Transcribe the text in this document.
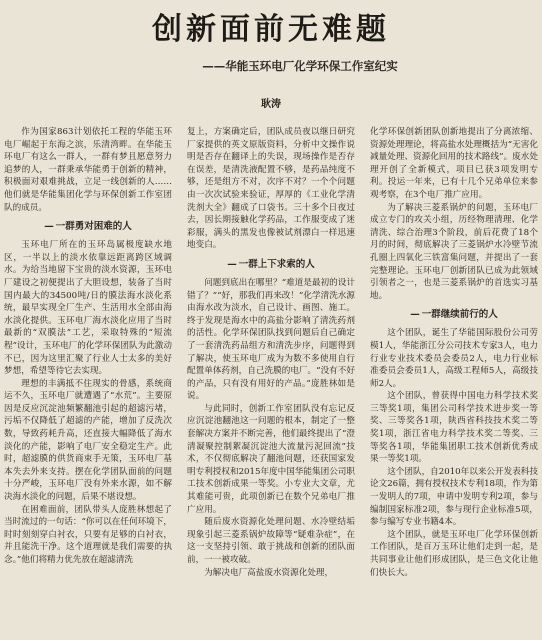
创新面前无难题
——华能玉环电厂化学环保工作室纪实
耿涛

作为国家863计划依托工程的华能玉环电厂崛起于东海之滨，乐清湾畔。在华能玉环电厂有这么一群人，一群有梦且愿意努力追梦的人，一群秉承华能勇于创新的精神，积极面对艰难挑战，立足一线创新的人……他们就是华能集团化学与环保创新工作室团队的成员。

— 一群勇对困难的人

玉环电厂所在的玉环岛属极度缺水地区，一半以上的淡水依靠远距离跨区域调水。为给当地留下宝贵的淡水资源，玉环电厂建设之初便提出了大胆设想，装备了当时国内最大的34500吨/日的膜法海水淡化系统，最早实现全厂生产、生活用水全部由海水淡化提供。玉环电厂海水淡化应用了当时最新的“双膜法”工艺，采取特殊的“短流程”设计，玉环电厂的化学环保团队为此激动不已，因为这里汇聚了行业人士太多的美好梦想，希望等待它去实现。

理想的丰满抵不住现实的骨感，系统商运不久，玉环电厂就遭遇了“水荒”。主要原因是反应沉淀池频繁翻池引起的超滤污堵，污垢不仅降低了超滤的产能，增加了反洗次数，导致药耗升高，还直接大幅降低了海水淡化的产能，影响了电厂安全稳定生产。此时，超滤膜的供货商束手无策，玉环电厂基本失去外来支持。摆在化学团队面前的问题十分严峻，玉环电厂没有外来水源，如不解决海水淡化的问题，后果不堪设想。

在困难面前，团队带头人庞胜林想起了当时流过的一句话：“你可以在任何环境下，时时刻刻穿白衬衣，只要有足够的白衬衣，并且能洗干净。这个道理就是我们需要的执念。”他们将精力优先放在超滤清洗

复上，方案确定后，团队成员夜以继日研究厂家提供的英文原版资料，分析中文操作说明是否存在翻译上的失误，现场操作是否存在误差，是清洗液配置不够，是药品纯度不够，还是组方不对，次序不对？一个个问题由一次次试验来验证，厚厚的《工业化学清洗剂大全》翻成了口袋书。三十多个日夜过去，因长期接触化学药品，工作服变成了迷彩服，满头的黑发也像被试剂漂白一样迅速地变白。

— 一群上下求索的人

问题到底出在哪里？“难道是最初的设计错了？”“好，那我们再来改！”化学清洗水源由海水改为淡水，自己设计、画图、施工。终于发现是海水中的高盐分影响了清洗药剂的活性。化学环保团队找到问题后自己确定了一套清洗药品组方和清洗步序，问题得到了解决，使玉环电厂成为为数不多使用自行配置单体药剂，自己洗膜的电厂。“没有不好的产品，只有没有用好的产品。”庞胜林如是说。

与此同时，创新工作室团队没有忘记反应沉淀池翻池这一问题的根本，制定了一整套解决方案并不断完善，他们最终提出了“澄清凝聚控制絮凝沉淀池大流量污泥回流”技术，不仅彻底解决了翻池问题，还获国家发明专利授权和2015年度中国华能集团公司职工技术创新成果一等奖。小专业大文章，尤其难能可贵，此项创新已在数个兄弟电厂推广应用。

随后废水资源化处理问题、水冷壁结垢现象引起三菱系锅炉故障等“疑难杂症”，在这一支坚持引领、敢于挑战和创新的团队面前，一一被攻破。

为解决电厂高盐废水资源化处理，

化学环保创新团队创新地提出了分离浓缩、资源处理理论，将高盐水处理概括为“无害化减量处理、资源化回用的技术路线”。废水处理开创了全新模式，项目已获3项发明专利。投运一年来，已有十几个兄弟单位来参观考察，在3个电厂推广应用。

为了解决三菱系锅炉的问题，玉环电厂成立专门的攻关小组，历经物理清理、化学清洗、综合治理3个阶段，前后花费了18个月的时间，彻底解决了三菱锅炉水冷壁节流孔圈上四氧化三铁富集问题，并提出了一套完整理论。玉环电厂创新团队已成为此领域引领者之一，也是三菱系锅炉的首选实习基地。

— 一群继续前行的人

这个团队，诞生了华能国际股份公司劳模1人，华能浙江分公司技术专家3人，电力行业专业技术委员会委员2人，电力行业标准委员会委员1人，高级工程师5人，高级技师2人。

这个团队，曾获得中国电力科学技术奖三等奖1项，集团公司科学技术进步奖一等奖、三等奖各1项，陕西省科技技术奖二等奖1项，浙江省电力科学技术奖二等奖、三等奖各1项，华能集团职工技术创新优秀成果一等奖1项。

这个团队，自2010年以来公开发表科技论文26篇，拥有授权技术专利18项，作为第一发明人的7项，申请中发明专利2项，参与编制国家标准2项，参与现行企业标准5项，参与编写专业书籍4本。

这个团队，就是玉环电厂化学环保创新工作团队，是百万玉环让他们走到一起，是共同事业让他们形成团队，是三色文化让他们快长大。
